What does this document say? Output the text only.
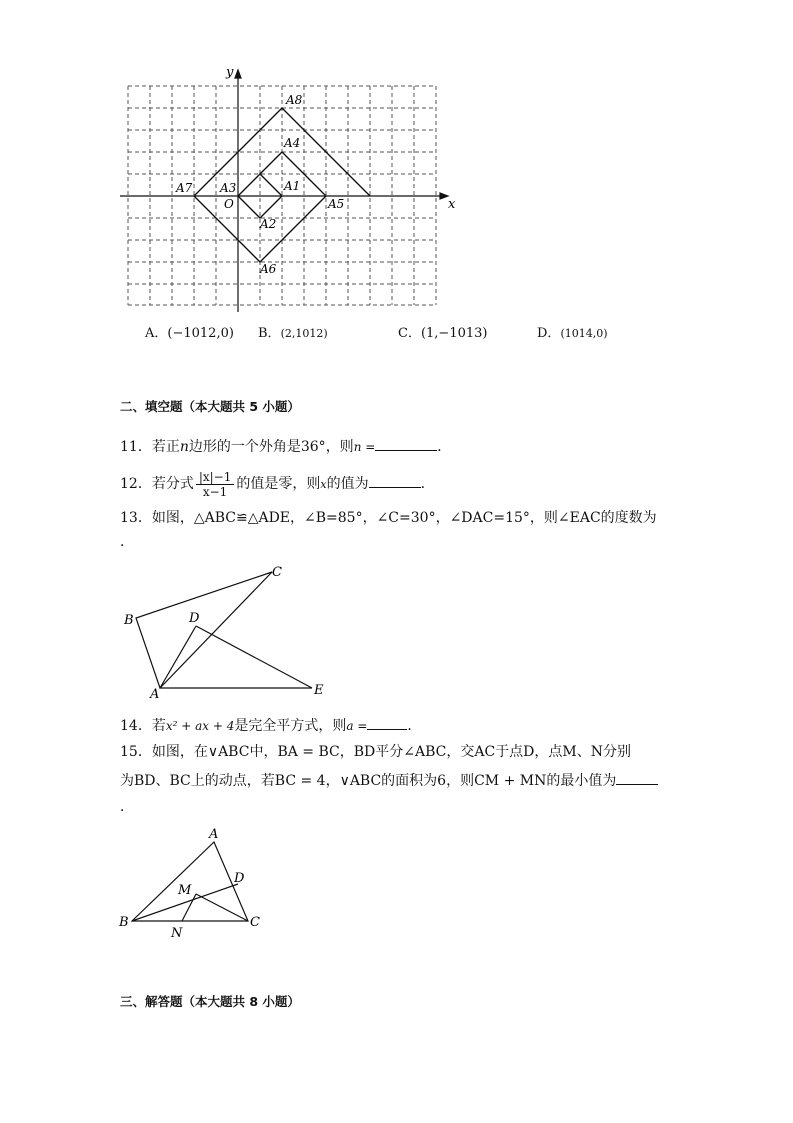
x
y
O
A8
A4
A7 A3	A1
A5
A2
A6
A．(−1012,0) B．(2,1012)	C．(1,−1013)	D．(1014,0)
二、填空题（本大题共 5 小题）
11．若正n边形的一个外角是36°，则n =	．
12．若分式 $\frac{|x|-1}{x-1}$ 的值是零，则x的值为	．
13．如图，△ABC≌△ADE，∠B=85°，∠C=30°，∠DAC=15°，则∠EAC的度数为
．
A
B
C
D
E
14．若x² + ax + 4是完全平方式，则a =	．
15．如图，在∨ABC中，BA = BC，BD平分∠ABC，交AC于点D，点M、N分别
为BD、BC上的动点，若BC = 4，∨ABC的面积为6，则CM + MN的最小值为
．
A
B	C
D
M
N
三、解答题（本大题共 8 小题）
